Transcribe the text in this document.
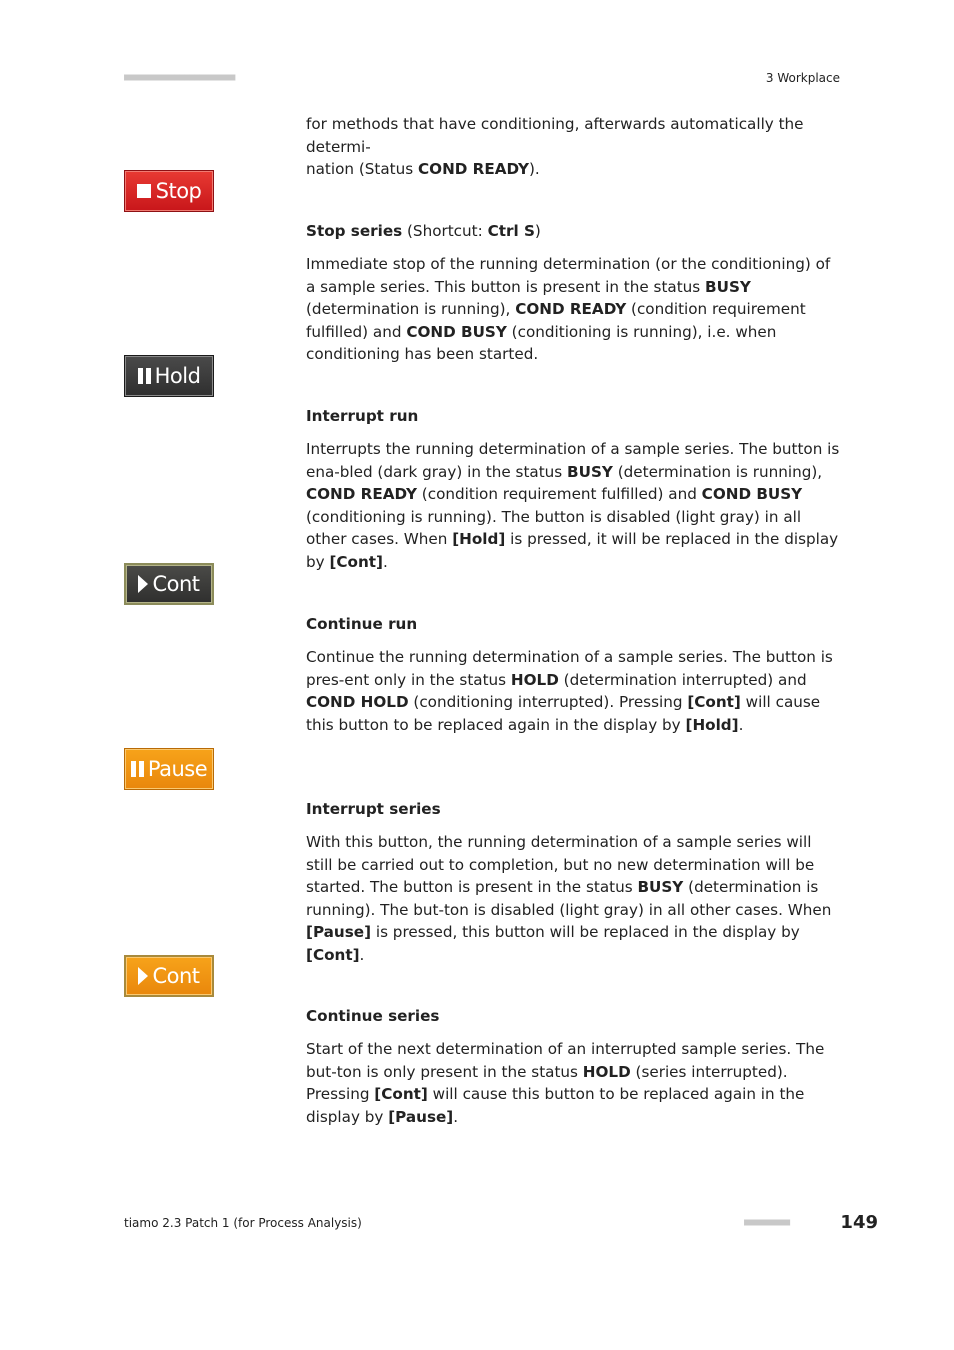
■■■■■■■■■■■■■■■■■■■■■■	3 Workplace

for methods that have conditioning, afterwards automatically the determi-
nation (Status COND READY).

Stop
Stop series (Shortcut: Ctrl S)

Immediate stop of the running determination (or the conditioning) of a sample series. This button is present in the status BUSY (determination is running), COND READY (condition requirement fulfilled) and COND BUSY (conditioning is running), i.e. when conditioning has been started.

Hold
Interrupt run

Interrupts the running determination of a sample series. The button is ena-bled (dark gray) in the status BUSY (determination is running), COND READY (condition requirement fulfilled) and COND BUSY (conditioning is running). The button is disabled (light gray) in all other cases. When [Hold] is pressed, it will be replaced in the display by [Cont].

Cont
Continue run

Continue the running determination of a sample series. The button is pres-ent only in the status HOLD (determination interrupted) and COND HOLD (conditioning interrupted). Pressing [Cont] will cause this button to be replaced again in the display by [Hold].

Pause
Interrupt series

With this button, the running determination of a sample series will still be carried out to completion, but no new determination will be started. The button is present in the status BUSY (determination is running). The but-ton is disabled (light gray) in all other cases. When [Pause] is pressed, this button will be replaced in the display by [Cont].

Cont
Continue series

Start of the next determination of an interrupted sample series. The but-ton is only present in the status HOLD (series interrupted). Pressing [Cont] will cause this button to be replaced again in the display by [Pause].

tiamo 2.3 Patch 1 (for Process Analysis)	■■■■■■■■■	149
